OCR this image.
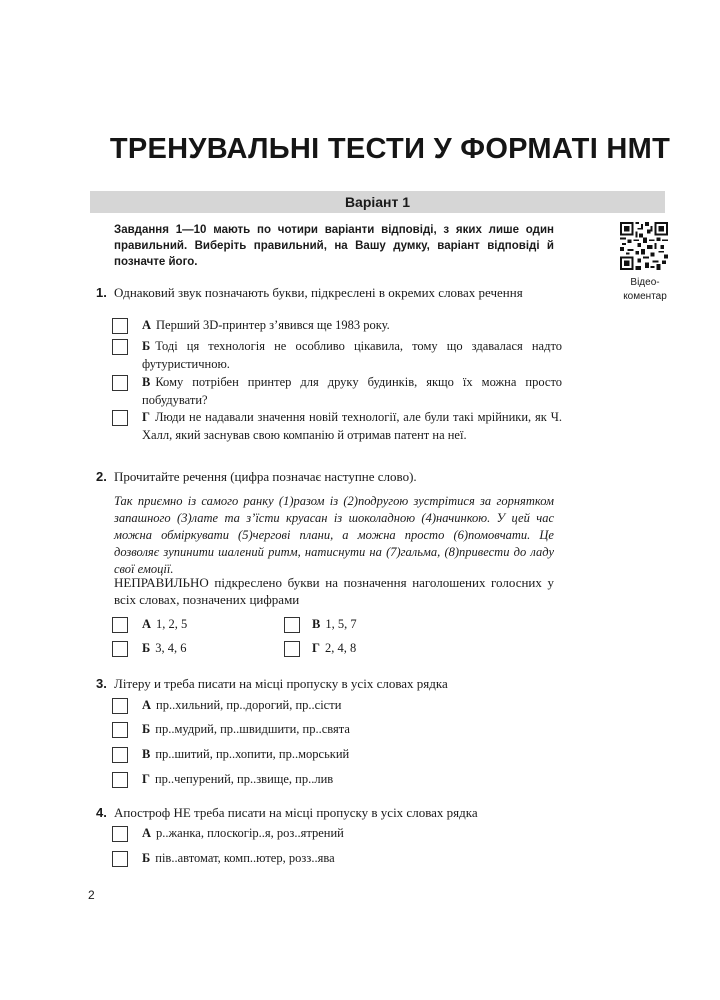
ТРЕНУВАЛЬНІ ТЕСТИ У ФОРМАТІ НМТ
Варіант 1
Завдання 1—10 мають по чотири варіанти відповіді, з яких лише один правильний. Виберіть правильний, на Вашу думку, варіант відповіді й позначте його.
Відео-
коментар
1. Однаковий звук позначають букви, підкреслені в окремих словах речення
А Перший 3D-принтер з’явився ще 1983 року.
Б Тоді ця технологія не особливо цікавила, тому що здавалася надто футуристичною.
В Кому потрібен принтер для друку будинків, якщо їх можна просто побудувати?
Г Люди не надавали значення новій технології, але були такі мрійники, як Ч. Халл, який заснував свою компанію й отримав патент на неї.
2. Прочитайте речення (цифра позначає наступне слово).
Так приємно із самого ранку (1)разом із (2)подругою зустрітися за горнятком запашного (3)лате та з’їсти круасан із шоколадною (4)начинкою. У цей час можна обміркувати (5)чергові плани, а можна просто (6)помовчати. Це дозволяє зупинити шалений ритм, натиснути на (7)гальма, (8)привести до ладу свої емоції.
НЕПРАВИЛЬНО підкреслено букви на позначення наголошених голосних у всіх словах, позначених цифрами
А 1, 2, 5
Б 3, 4, 6
В 1, 5, 7
Г 2, 4, 8
3. Літеру и треба писати на місці пропуску в усіх словах рядка
А пр..хильний, пр..дорогий, пр..сісти
Б пр..мудрий, пр..швидшити, пр..свята
В пр..шитий, пр..хопити, пр..морський
Г пр..чепурений, пр..звище, пр..лив
4. Апостроф НЕ треба писати на місці пропуску в усіх словах рядка
А р..жанка, плоскогір..я, роз..ятрений
Б пів..автомат, комп..ютер, розз..ява
2
